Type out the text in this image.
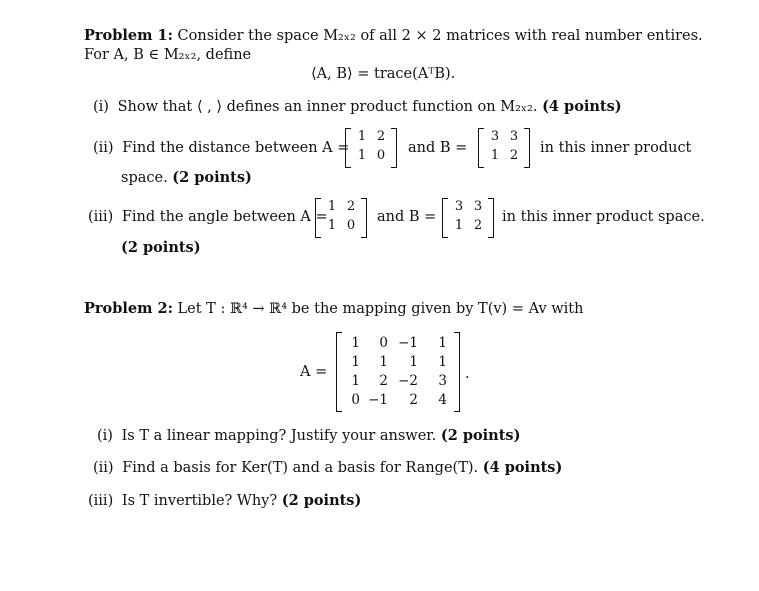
Problem 1: Consider the space M₂ₓ₂ of all 2 × 2 matrices with real number entires.
For A, B ∈ M₂ₓ₂, define
⟨A, B⟩ = trace(AᵀB).
(i) Show that ⟨ , ⟩ defines an inner product function on M₂ₓ₂. (4 points)
(ii) Find the distance between A =
1 2
1 0	and B =
3 3
1 2	in this inner product
space. (2 points)
(iii) Find the angle between A =
1 2
1 0
and B =
3 3
1 2
in this inner product space.
(2 points)
Problem 2: Let T : ℝ⁴ → ℝ⁴ be the mapping given by T(v) = Av with
A =
1	0 −1	1
1	1	1	1
1	2 −2	3
0 −1	2	4
.
(i) Is T a linear mapping? Justify your answer. (2 points)
(ii) Find a basis for Ker(T) and a basis for Range(T). (4 points)
(iii) Is T invertible? Why? (2 points)
